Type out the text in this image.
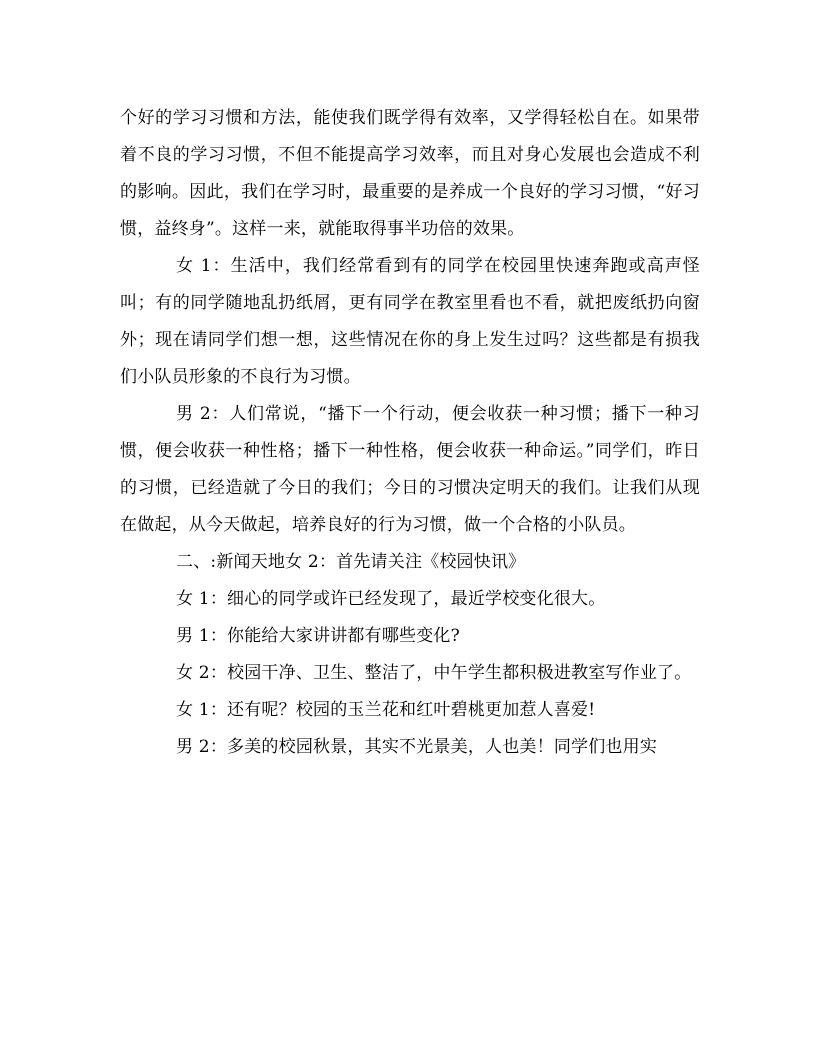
个好的学习习惯和方法，能使我们既学得有效率，又学得轻松自在。如果带着不良的学习习惯，不但不能提高学习效率，而且对身心发展也会造成不利的影响。因此，我们在学习时，最重要的是养成一个良好的学习习惯，“好习惯，益终身”。这样一来，就能取得事半功倍的效果。

女 1：生活中，我们经常看到有的同学在校园里快速奔跑或高声怪叫；有的同学随地乱扔纸屑，更有同学在教室里看也不看，就把废纸扔向窗外；现在请同学们想一想，这些情况在你的身上发生过吗？这些都是有损我们小队员形象的不良行为习惯。

男 2：人们常说，“播下一个行动，便会收获一种习惯；播下一种习惯，便会收获一种性格；播下一种性格，便会收获一种命运。”同学们，昨日的习惯，已经造就了今日的我们；今日的习惯决定明天的我们。让我们从现在做起，从今天做起，培养良好的行为习惯，做一个合格的小队员。

二、:新闻天地女 2：首先请关注《校园快讯》

女 1：细心的同学或许已经发现了，最近学校变化很大。

男 1：你能给大家讲讲都有哪些变化?

女 2：校园干净、卫生、整洁了，中午学生都积极进教室写作业了。

女 1：还有呢？校园的玉兰花和红叶碧桃更加惹人喜爱!

男 2：多美的校园秋景，其实不光景美，人也美！同学们也用实
